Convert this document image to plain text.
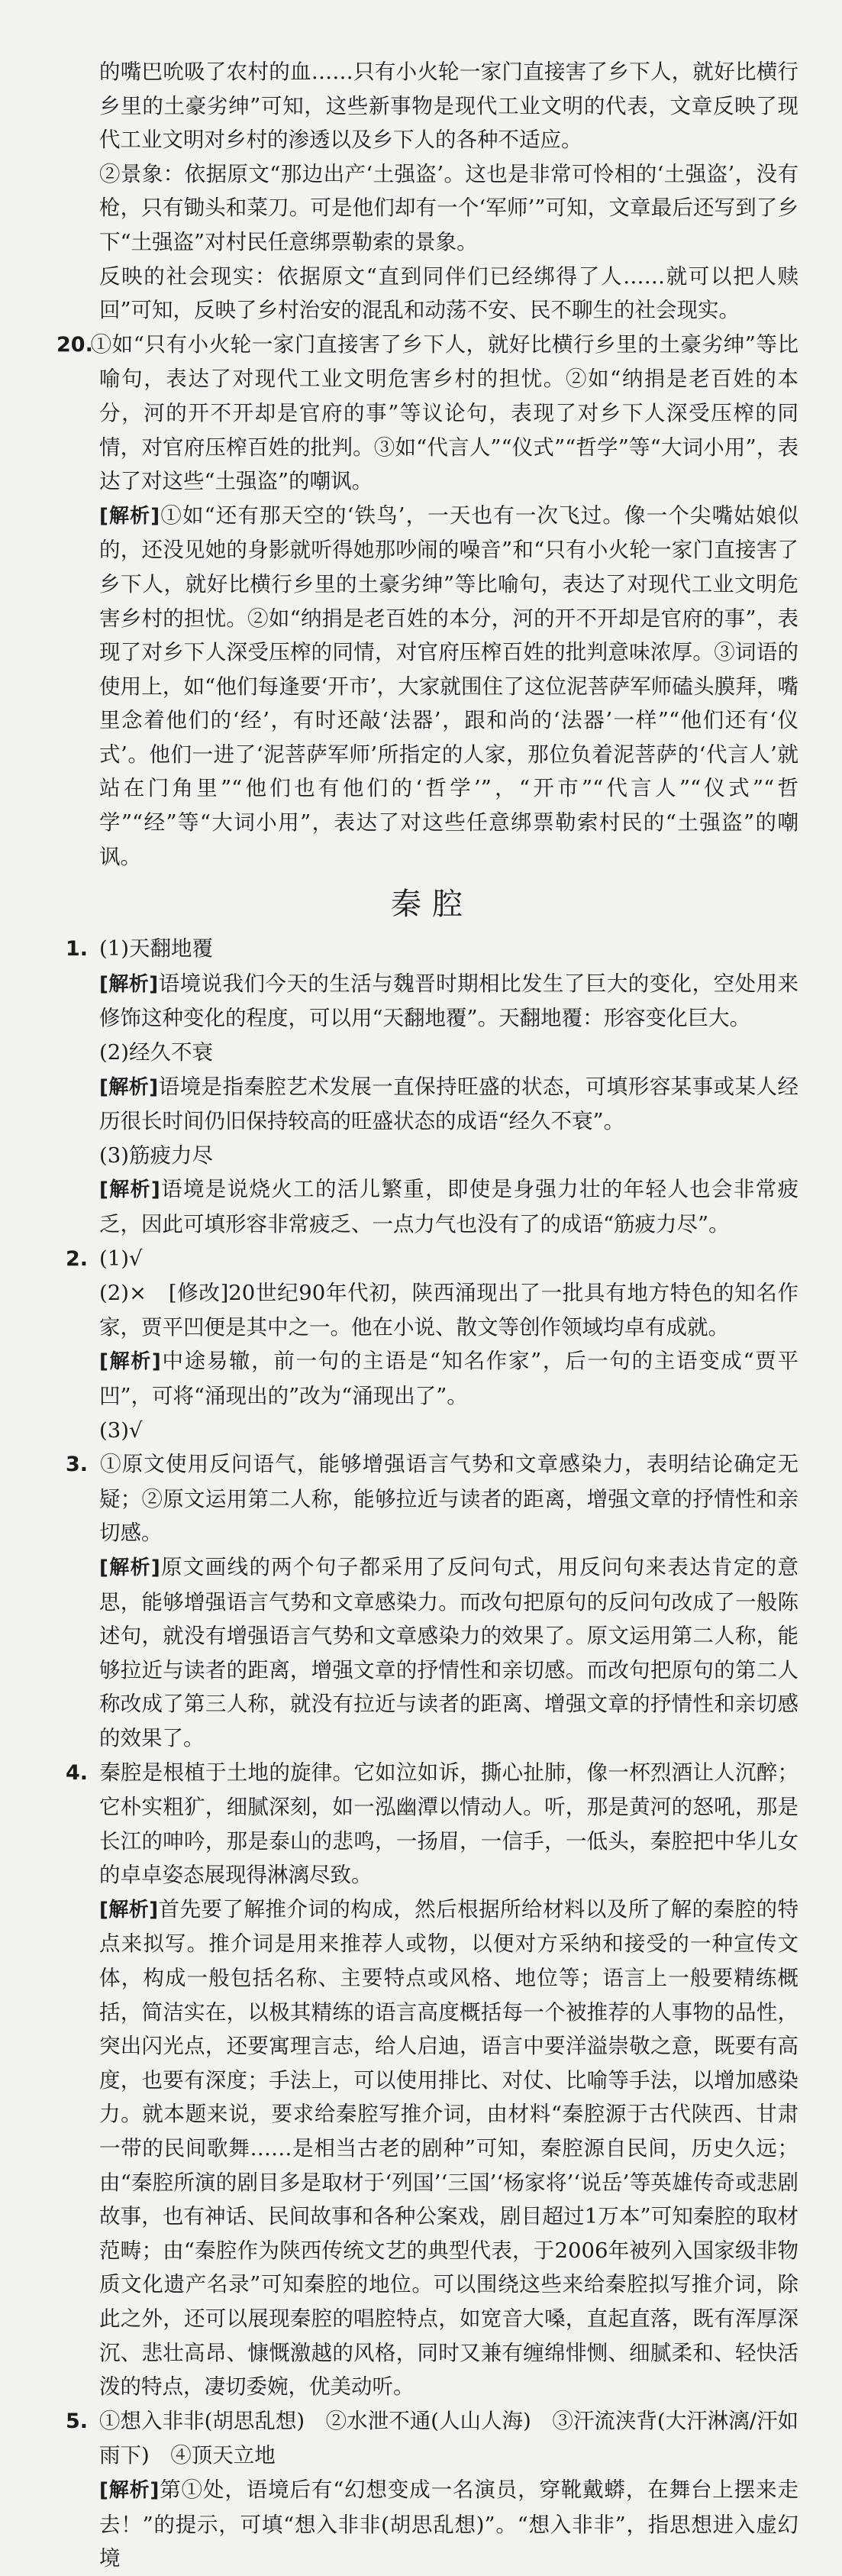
的嘴巴吮吸了农村的血……只有小火轮一家门直接害了乡下人，就好比横行乡里的土豪劣绅”可知，这些新事物是现代工业文明的代表，文章反映了现代工业文明对乡村的渗透以及乡下人的各种不适应。

②景象：依据原文“那边出产‘土强盗’。这也是非常可怜相的‘土强盗’，没有枪，只有锄头和菜刀。可是他们却有一个‘军师’”可知，文章最后还写到了乡下“土强盗”对村民任意绑票勒索的景象。

反映的社会现实：依据原文“直到同伴们已经绑得了人……就可以把人赎回”可知，反映了乡村治安的混乱和动荡不安、民不聊生的社会现实。

20.①如“只有小火轮一家门直接害了乡下人，就好比横行乡里的土豪劣绅”等比喻句，表达了对现代工业文明危害乡村的担忧。②如“纳捐是老百姓的本分，河的开不开却是官府的事”等议论句，表现了对乡下人深受压榨的同情，对官府压榨百姓的批判。③如“代言人”“仪式”“哲学”等“大词小用”，表达了对这些“土强盗”的嘲讽。

[解析]①如“还有那天空的‘铁鸟’，一天也有一次飞过。像一个尖嘴姑娘似的，还没见她的身影就听得她那吵闹的噪音”和“只有小火轮一家门直接害了乡下人，就好比横行乡里的土豪劣绅”等比喻句，表达了对现代工业文明危害乡村的担忧。②如“纳捐是老百姓的本分，河的开不开却是官府的事”，表现了对乡下人深受压榨的同情，对官府压榨百姓的批判意味浓厚。③词语的使用上，如“他们每逢要‘开市’，大家就围住了这位泥菩萨军师磕头膜拜，嘴里念着他们的‘经’，有时还敲‘法器’，跟和尚的‘法器’一样”“他们还有‘仪式’。他们一进了‘泥菩萨军师’所指定的人家，那位负着泥菩萨的‘代言人’就站在门角里”“他们也有他们的‘哲学’”，“开市”“代言人”“仪式”“哲学”“经”等“大词小用”，表达了对这些任意绑票勒索村民的“土强盗”的嘲讽。

秦腔

1. (1)天翻地覆

[解析]语境说我们今天的生活与魏晋时期相比发生了巨大的变化，空处用来修饰这种变化的程度，可以用“天翻地覆”。天翻地覆：形容变化巨大。

(2)经久不衰

[解析]语境是指秦腔艺术发展一直保持旺盛的状态，可填形容某事或某人经历很长时间仍旧保持较高的旺盛状态的成语“经久不衰”。

(3)筋疲力尽

[解析]语境是说烧火工的活儿繁重，即使是身强力壮的年轻人也会非常疲乏，因此可填形容非常疲乏、一点力气也没有了的成语“筋疲力尽”。

2. (1)√

(2)×　[修改]20世纪90年代初，陕西涌现出了一批具有地方特色的知名作家，贾平凹便是其中之一。他在小说、散文等创作领域均卓有成就。

[解析]中途易辙，前一句的主语是“知名作家”，后一句的主语变成“贾平凹”，可将“涌现出的”改为“涌现出了”。

(3)√

3. ①原文使用反问语气，能够增强语言气势和文章感染力，表明结论确定无疑；②原文运用第二人称，能够拉近与读者的距离，增强文章的抒情性和亲切感。

[解析]原文画线的两个句子都采用了反问句式，用反问句来表达肯定的意思，能够增强语言气势和文章感染力。而改句把原句的反问句改成了一般陈述句，就没有增强语言气势和文章感染力的效果了。原文运用第二人称，能够拉近与读者的距离，增强文章的抒情性和亲切感。而改句把原句的第二人称改成了第三人称，就没有拉近与读者的距离、增强文章的抒情性和亲切感的效果了。

4. 秦腔是根植于土地的旋律。它如泣如诉，撕心扯肺，像一杯烈酒让人沉醉；它朴实粗犷，细腻深刻，如一泓幽潭以情动人。听，那是黄河的怒吼，那是长江的呻吟，那是泰山的悲鸣，一扬眉，一信手，一低头，秦腔把中华儿女的卓卓姿态展现得淋漓尽致。

[解析]首先要了解推介词的构成，然后根据所给材料以及所了解的秦腔的特点来拟写。推介词是用来推荐人或物，以便对方采纳和接受的一种宣传文体，构成一般包括名称、主要特点或风格、地位等；语言上一般要精练概括，简洁实在，以极其精练的语言高度概括每一个被推荐的人事物的品性，突出闪光点，还要寓理言志，给人启迪，语言中要洋溢崇敬之意，既要有高度，也要有深度；手法上，可以使用排比、对仗、比喻等手法，以增加感染力。就本题来说，要求给秦腔写推介词，由材料“秦腔源于古代陕西、甘肃一带的民间歌舞……是相当古老的剧种”可知，秦腔源自民间，历史久远；由“秦腔所演的剧目多是取材于‘列国’‘三国’‘杨家将’‘说岳’等英雄传奇或悲剧故事，也有神话、民间故事和各种公案戏，剧目超过1万本”可知秦腔的取材范畴；由“秦腔作为陕西传统文艺的典型代表，于2006年被列入国家级非物质文化遗产名录”可知秦腔的地位。可以围绕这些来给秦腔拟写推介词，除此之外，还可以展现秦腔的唱腔特点，如宽音大嗓，直起直落，既有浑厚深沉、悲壮高昂、慷慨激越的风格，同时又兼有缠绵悱恻、细腻柔和、轻快活泼的特点，凄切委婉，优美动听。

5. ①想入非非(胡思乱想)　②水泄不通(人山人海)　③汗流浃背(大汗淋漓/汗如雨下)　④顶天立地

[解析]第①处，语境后有“幻想变成一名演员，穿靴戴蟒，在舞台上摆来走去！”的提示，可填“想入非非(胡思乱想)”。“想入非非”，指思想进入虚幻境
